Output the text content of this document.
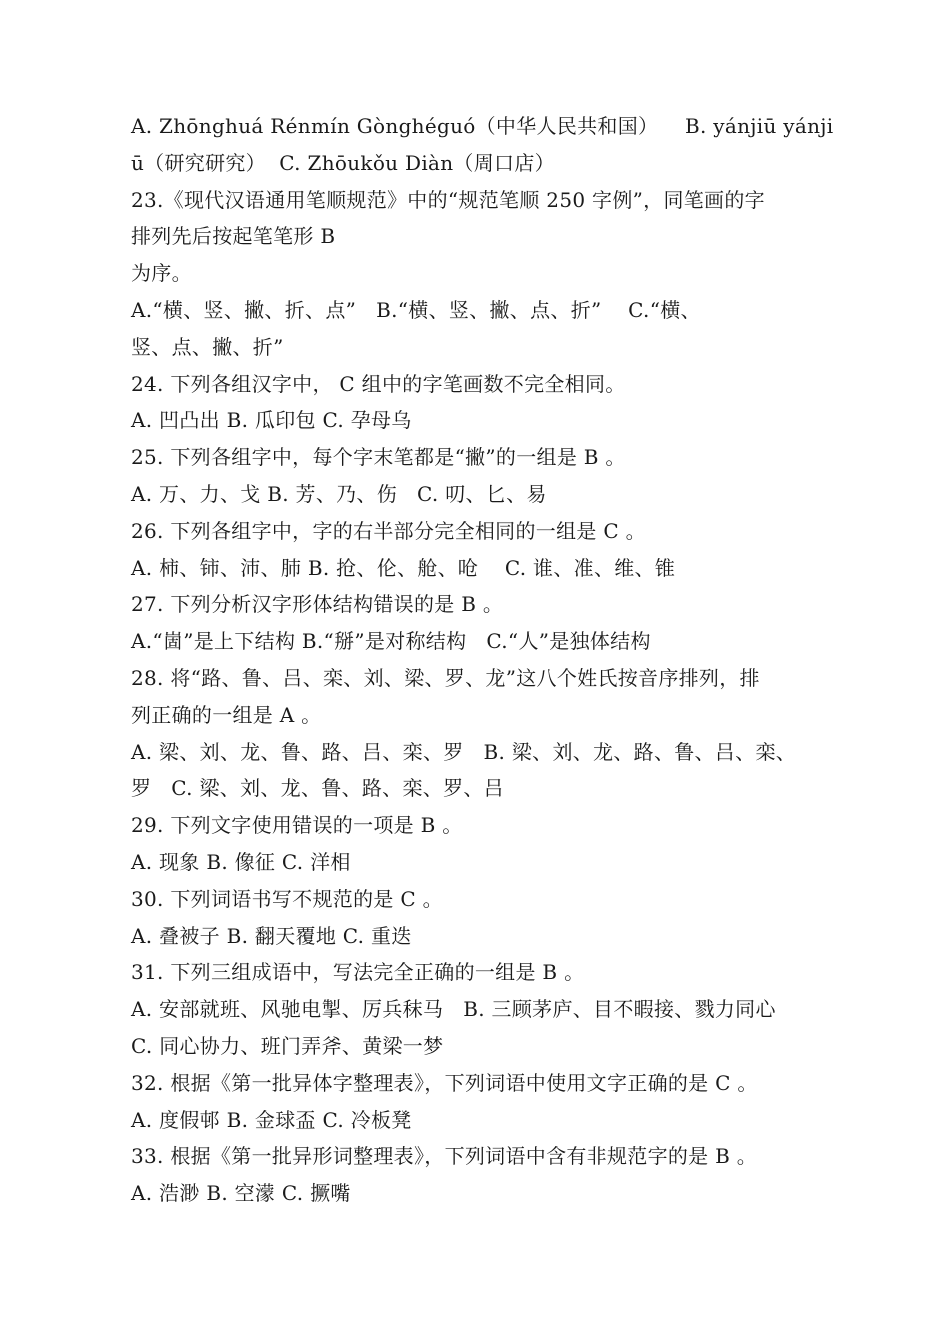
A. Zhōnghuá Rénmín Gònghéguó（中华人民共和国）    B. yánjiū yánji
ū（研究研究）  C. Zhōukǒu Diàn（周口店）
23.《现代汉语通用笔顺规范》中的“规范笔顺 250 字例”，同笔画的字
排列先后按起笔笔形 B
为序。
A.“横、竖、撇、折、点”   B.“横、竖、撇、点、折”    C.“横、
竖、点、撇、折”
24. 下列各组汉字中， C 组中的字笔画数不完全相同。
A. 凹凸出 B. 瓜印包 C. 孕母乌
25. 下列各组字中，每个字末笔都是“撇”的一组是 B 。
A. 万、力、戈 B. 芳、乃、伤   C. 叨、匕、易
26. 下列各组字中，字的右半部分完全相同的一组是 C 。
A. 柿、铈、沛、肺 B. 抢、伦、舱、呛    C. 谁、准、维、锥
27. 下列分析汉字形体结构错误的是 B 。
A.“崮”是上下结构 B.“掰”是对称结构   C.“人”是独体结构
28. 将“路、鲁、吕、栾、刘、梁、罗、龙”这八个姓氏按音序排列，排
列正确的一组是 A 。
A. 梁、刘、龙、鲁、路、吕、栾、罗   B. 梁、刘、龙、路、鲁、吕、栾、
罗   C. 梁、刘、龙、鲁、路、栾、罗、吕
29. 下列文字使用错误的一项是 B 。
A. 现象 B. 像征 C. 洋相
30. 下列词语书写不规范的是 C 。
A. 叠被子 B. 翻天覆地 C. 重迭
31. 下列三组成语中，写法完全正确的一组是 B 。
A. 安部就班、风驰电掣、厉兵秣马   B. 三顾茅庐、目不暇接、戮力同心
C. 同心协力、班门弄斧、黄梁一梦
32. 根据《第一批异体字整理表》，下列词语中使用文字正确的是 C 。
A. 度假邨 B. 金球盃 C. 冷板凳
33. 根据《第一批异形词整理表》，下列词语中含有非规范字的是 B 。
A. 浩渺 B. 空濛 C. 撅嘴
